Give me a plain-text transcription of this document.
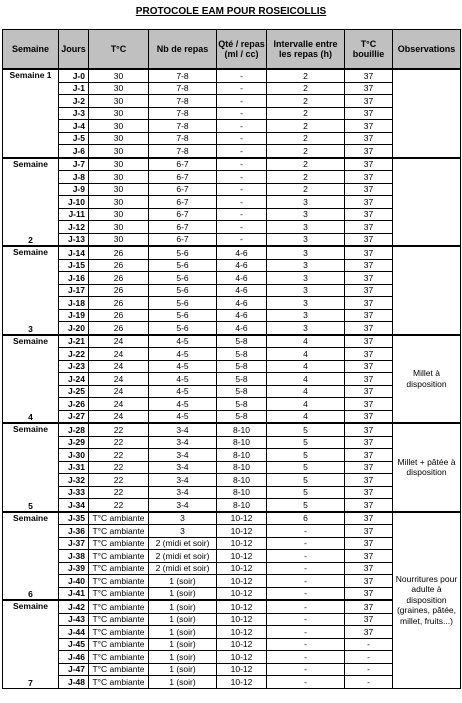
PROTOCOLE EAM POUR ROSEICOLLIS
Semaine	Jours	T°C	Nb de repas	Qté / repas (ml / cc)	Intervalle entre les repas (h)	T°C bouillie	Observations
Semaine 1	J-0	30	7-8	-	2	37	
	J-1	30	7-8	-	2	37	
	J-2	30	7-8	-	2	37	
	J-3	30	7-8	-	2	37	
	J-4	30	7-8	-	2	37	
	J-5	30	7-8	-	2	37	
	J-6	30	7-8	-	2	37	
Semaine
2	J-7	30	6-7	-	2	37	
	J-8	30	6-7	-	2	37	
	J-9	30	6-7	-	2	37	
	J-10	30	6-7	-	3	37	
	J-11	30	6-7	-	3	37	
	J-12	30	6-7	-	3	37	
	J-13	30	6-7	-	3	37	
Semaine
3	J-14	26	5-6	4-6	3	37	
	J-15	26	5-6	4-6	3	37	
	J-16	26	5-6	4-6	3	37	
	J-17	26	5-6	4-6	3	37	
	J-18	26	5-6	4-6	3	37	
	J-19	26	5-6	4-6	3	37	
	J-20	26	5-6	4-6	3	37	
Semaine
4	J-21	24	4-5	5-8	4	37	Millet à disposition
	J-22	24	4-5	5-8	4	37	
	J-23	24	4-5	5-8	4	37	
	J-24	24	4-5	5-8	4	37	
	J-25	24	4-5	5-8	4	37	
	J-26	24	4-5	5-8	4	37	
	J-27	24	4-5	5-8	4	37	
Semaine
5	J-28	22	3-4	8-10	5	37	Millet + pâtée à disposition
	J-29	22	3-4	8-10	5	37	
	J-30	22	3-4	8-10	5	37	
	J-31	22	3-4	8-10	5	37	
	J-32	22	3-4	8-10	5	37	
	J-33	22	3-4	8-10	5	37	
	J-34	22	3-4	8-10	5	37	
Semaine
6	J-35	T°C ambiante	3	10-12	6	37	Nourritures pour adulte à disposition (graines, pâtée, millet, fruits...)
	J-36	T°C ambiante	3	10-12	-	37	
	J-37	T°C ambiante	2 (midi et soir)	10-12	-	37	
	J-38	T°C ambiante	2 (midi et soir)	10-12	-	37	
	J-39	T°C ambiante	2 (midi et soir)	10-12	-	37	
	J-40	T°C ambiante	1 (soir)	10-12	-	37	
	J-41	T°C ambiante	1 (soir)	10-12	-	37	
Semaine
7	J-42	T°C ambiante	1 (soir)	10-12	-	37	
	J-43	T°C ambiante	1 (soir)	10-12	-	37	
	J-44	T°C ambiante	1 (soir)	10-12	-	37	
	J-45	T°C ambiante	1 (soir)	10-12	-	-	
	J-46	T°C ambiante	1 (soir)	10-12	-	-	
	J-47	T°C ambiante	1 (soir)	10-12	-	-	
	J-48	T°C ambiante	1 (soir)	10-12	-	-	
